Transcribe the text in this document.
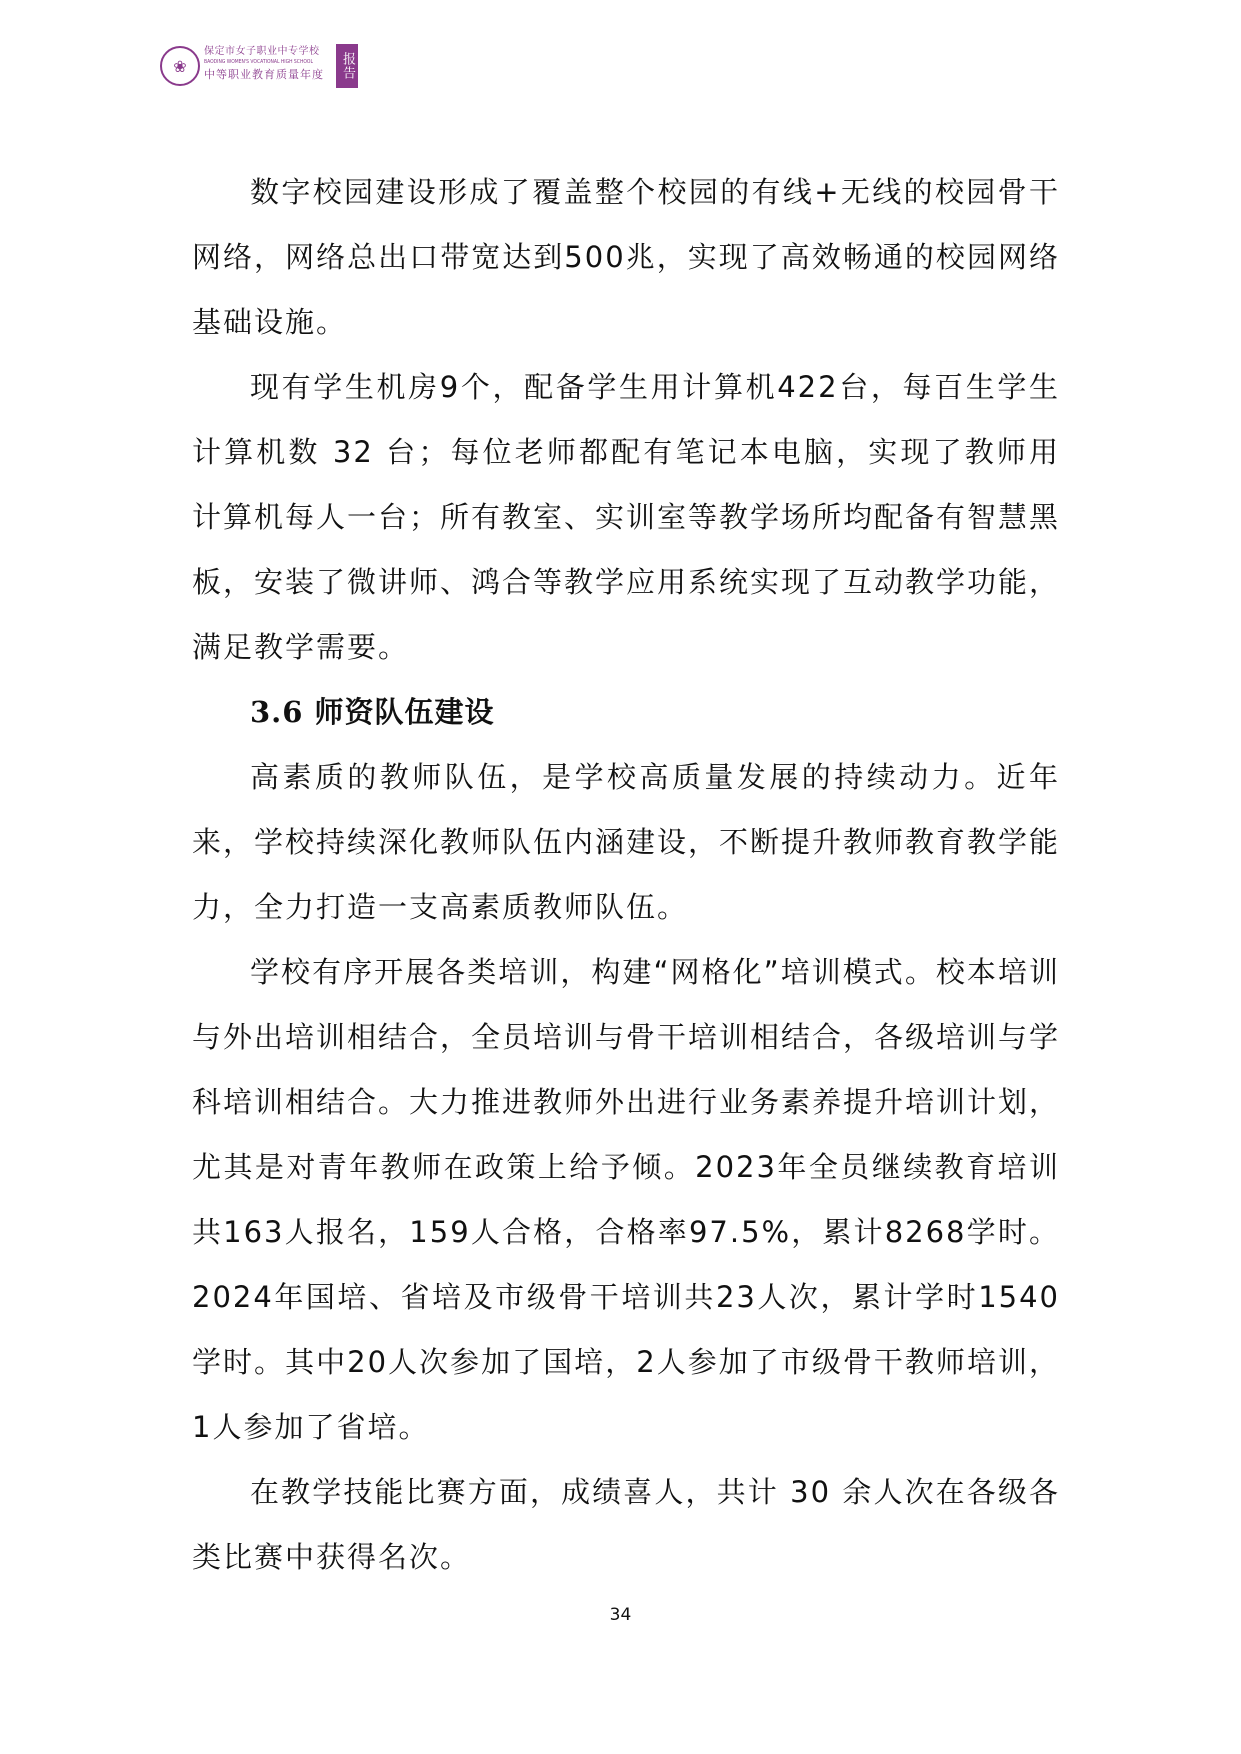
❀
保定市女子职业中专学校
BAODING WOMEN'S VOCATIONAL HIGH SCHOOL
中等职业教育质量年度	报告

数字校园建设形成了覆盖整个校园的有线+无线的校园骨干网络，网络总出口带宽达到500兆，实现了高效畅通的校园网络基础设施。

现有学生机房9个，配备学生用计算机422台，每百生学生计算机数 32 台；每位老师都配有笔记本电脑，实现了教师用计算机每人一台；所有教室、实训室等教学场所均配备有智慧黑板，安装了微讲师、鸿合等教学应用系统实现了互动教学功能，满足教学需要。

3.6 师资队伍建设

高素质的教师队伍，是学校高质量发展的持续动力。近年来，学校持续深化教师队伍内涵建设，不断提升教师教育教学能力，全力打造一支高素质教师队伍。

学校有序开展各类培训，构建“网格化”培训模式。校本培训与外出培训相结合，全员培训与骨干培训相结合，各级培训与学科培训相结合。大力推进教师外出进行业务素养提升培训计划，尤其是对青年教师在政策上给予倾。2023年全员继续教育培训共163人报名，159人合格，合格率97.5%，累计8268学时。2024年国培、省培及市级骨干培训共23人次，累计学时1540学时。其中20人次参加了国培，2人参加了市级骨干教师培训，1人参加了省培。

在教学技能比赛方面，成绩喜人，共计 30 余人次在各级各类比赛中获得名次。

34
